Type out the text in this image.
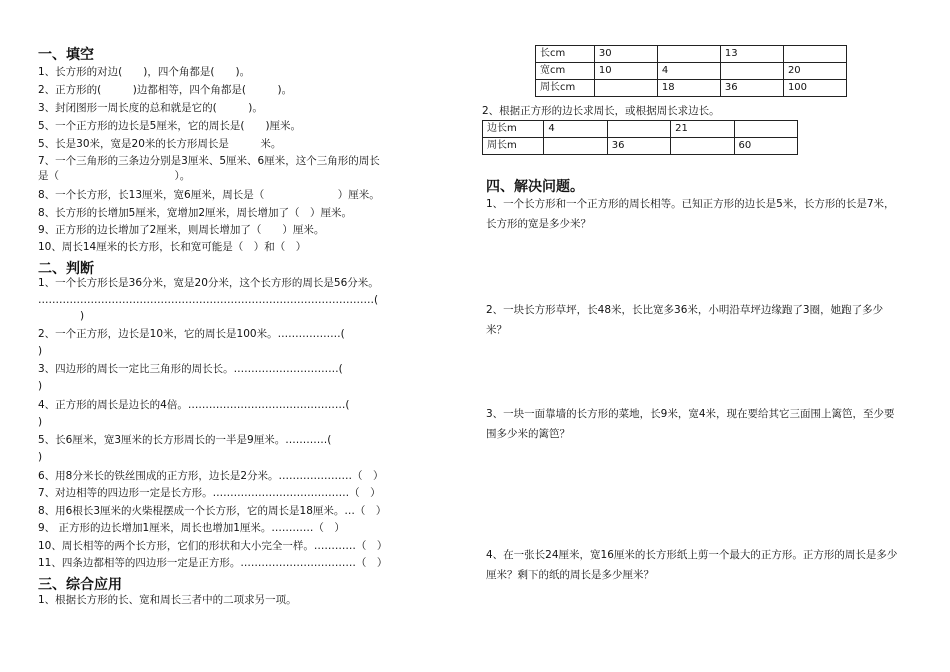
一、填空
1、长方形的对边(　　)，四个角都是(　　)。
2、正方形的(　　　)边都相等，四个角都是(　　　)。
3、封闭图形一周长度的总和就是它的(　　　)。
5、一个正方形的边长是5厘米，它的周长是(　　)厘米。
5、长是30米，宽是20米的长方形周长是　　　米。
7、一个三角形的三条边分别是3厘米、5厘米、6厘米，这个三角形的周长
是（　　　　　　　　　　　）。
8、一个长方形，长13厘米，宽6厘米，周长是（　　　　　　　）厘米。
8、长方形的长增加5厘米，宽增加2厘米，周长增加了（　）厘米。
9、正方形的边长增加了2厘米，则周长增加了（　　）厘米。
10、周长14厘米的长方形，长和宽可能是（　）和（　）
二、判断
1、一个长方形长是36分米，宽是20分米，这个长方形的周长是56分米。
……………………………………………………………………………………(
)
2、一个正方形，边长是10米，它的周长是100米。………………(
)
3、四边形的周长一定比三角形的周长长。…………………………(
)
4、正方形的周长是边长的4倍。………………………………………(
)
5、长6厘米，宽3厘米的长方形周长的一半是9厘米。…………(
)
6、用8分米长的铁丝围成的正方形，边长是2分米。…………………（　）
7、对边相等的四边形一定是长方形。…………………………………（　）
8、用6根长3厘米的火柴棍摆成一个长方形，它的周长是18厘米。…（　）
9、 正方形的边长增加1厘米，周长也增加1厘米。…………（　）
10、周长相等的两个长方形，它们的形状和大小完全一样。…………（　）
11、四条边都相等的四边形一定是正方形。……………………………（　）
三、综合应用
1、根据长方形的长、宽和周长三者中的二项求另一项。
长cm	30		13	
宽cm	10	4		20
周长cm		18	36	100
2、根据正方形的边长求周长，或根据周长求边长。
边长m	4		21	
周长m		36		60
四、解决问题。
1、一个长方形和一个正方形的周长相等。已知正方形的边长是5米，长方形的长是7米，长方形的宽是多少米？
2、一块长方形草坪，长48米，长比宽多36米，小明沿草坪边缘跑了3圈，她跑了多少米？
3、一块一面靠墙的长方形的菜地，长9米，宽4米，现在要给其它三面围上篱笆，至少要围多少米的篱笆？
4、在一张长24厘米，宽16厘米的长方形纸上剪一个最大的正方形。正方形的周长是多少厘米？剩下的纸的周长是多少厘米？
